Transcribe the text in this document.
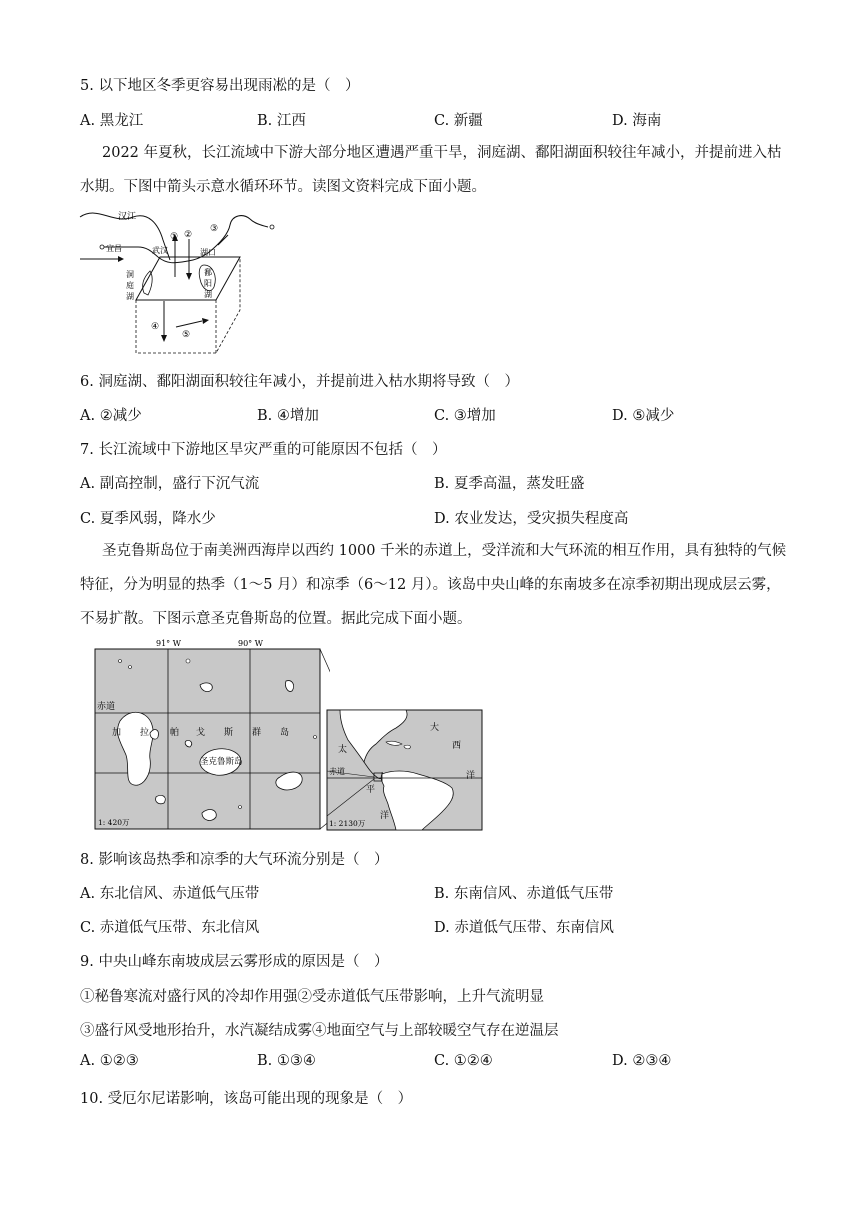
5. 以下地区冬季更容易出现雨凇的是（　）
A. 黑龙江	B. 江西	C. 新疆	D. 海南
2022 年夏秋，长江流域中下游大部分地区遭遇严重干旱，洞庭湖、鄱阳湖面积较往年减小，并提前进入枯水期。下图中箭头示意水循环环节。读图文资料完成下面小题。
汉江
宜昌
洞
庭
湖
武汉	湖口
鄱
阳
湖
① ②
③
④
⑤
6. 洞庭湖、鄱阳湖面积较往年减小，并提前进入枯水期将导致（　）
A. ②减少	B. ④增加	C. ③增加	D. ⑤减少
7. 长江流域中下游地区旱灾严重的可能原因不包括（　）
A. 副高控制，盛行下沉气流	B. 夏季高温，蒸发旺盛
C. 夏季风弱，降水少	D. 农业发达，受灾损失程度高
圣克鲁斯岛位于南美洲西海岸以西约 1000 千米的赤道上，受洋流和大气环流的相互作用，具有独特的气候特征，分为明显的热季（1～5 月）和凉季（6～12 月）。该岛中央山峰的东南坡多在凉季初期出现成层云雾，不易扩散。下图示意圣克鲁斯岛的位置。据此完成下面小题。
91° W	90° W
赤道
加 拉 帕 戈 斯 群 岛
圣克鲁斯岛
1: 420万
大
西
洋
太
平
洋
赤道
1: 2130万
8. 影响该岛热季和凉季的大气环流分别是（　）
A. 东北信风、赤道低气压带	B. 东南信风、赤道低气压带
C. 赤道低气压带、东北信风	D. 赤道低气压带、东南信风
9. 中央山峰东南坡成层云雾形成的原因是（　）
①秘鲁寒流对盛行风的冷却作用强②受赤道低气压带影响，上升气流明显
③盛行风受地形抬升，水汽凝结成雾④地面空气与上部较暖空气存在逆温层
A. ①②③	B. ①③④	C. ①②④	D. ②③④
10. 受厄尔尼诺影响，该岛可能出现的现象是（　）
